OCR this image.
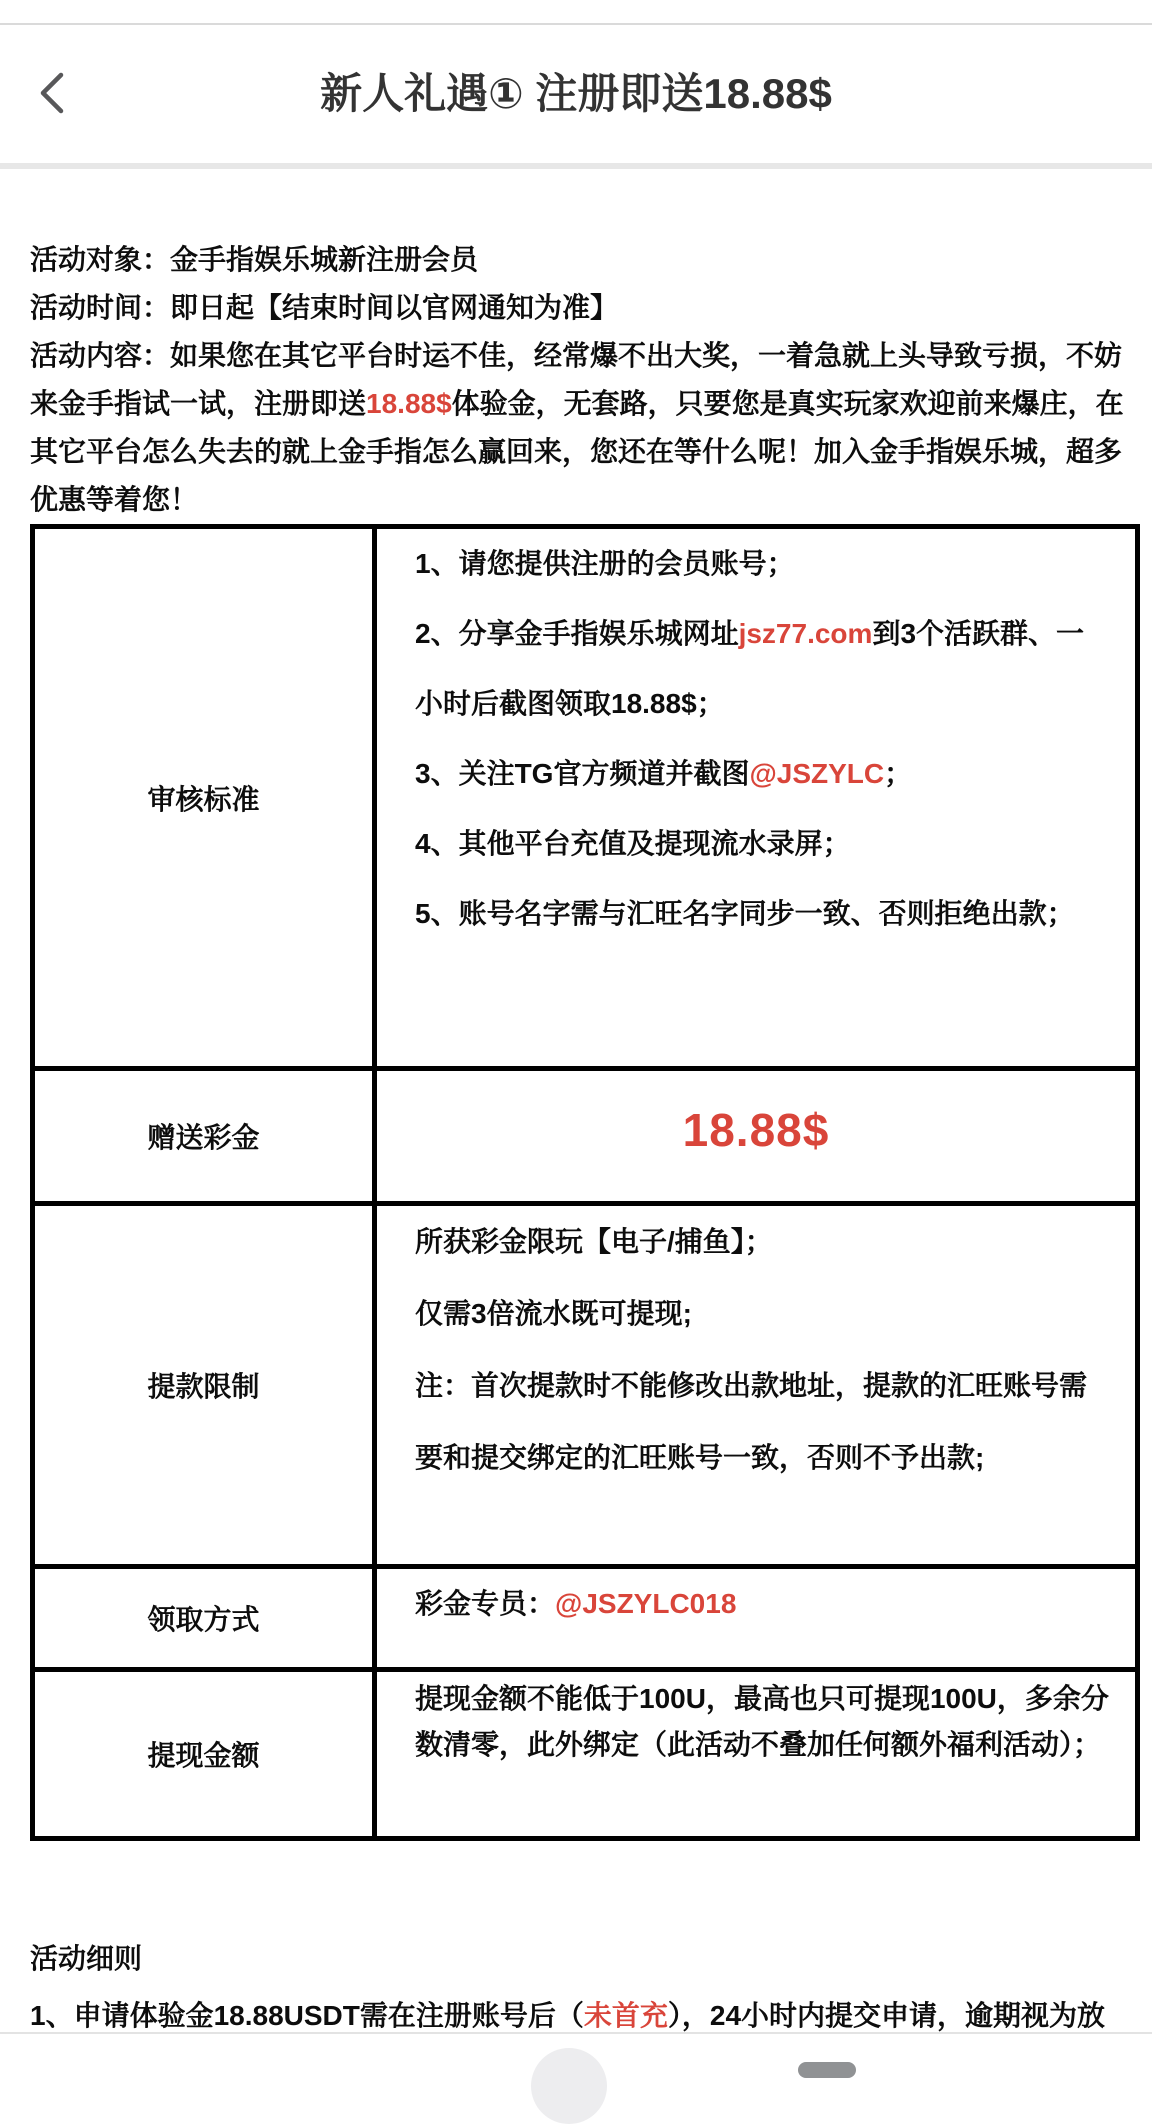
新人礼遇① 注册即送18.88$

活动对象：金手指娱乐城新注册会员

活动时间：即日起【结束时间以官网通知为准】

活动内容：如果您在其它平台时运不佳，经常爆不出大奖，一着急就上头导致亏损，不妨来金手指试一试，注册即送18.88$体验金，无套路，只要您是真实玩家欢迎前来爆庄，在其它平台怎么失去的就上金手指怎么赢回来，您还在等什么呢！加入金手指娱乐城，超多优惠等着您！

审核标准	1、请您提供注册的会员账号；

2、分享金手指娱乐城网址jsz77.com到3个活跃群、一小时后截图领取18.88$；

3、关注TG官方频道并截图@JSZYLC；

4、其他平台充值及提现流水录屏；

5、账号名字需与汇旺名字同步一致、否则拒绝出款；

赠送彩金	18.88$
提款限制	所获彩金限玩【电子/捕鱼】；

仅需3倍流水既可提现;

注：首次提款时不能修改出款地址，提款的汇旺账号需要和提交绑定的汇旺账号一致，否则不予出款;

领取方式	彩金专员：@JSZYLC018

提现金额	提现金额不能低于100U，最高也只可提现100U，多余分数清零，此外绑定（此活动不叠加任何额外福利活动）；

活动细则

1、申请体验金18.88USDT需在注册账号后（未首充），24小时内提交申请，逾期视为放
